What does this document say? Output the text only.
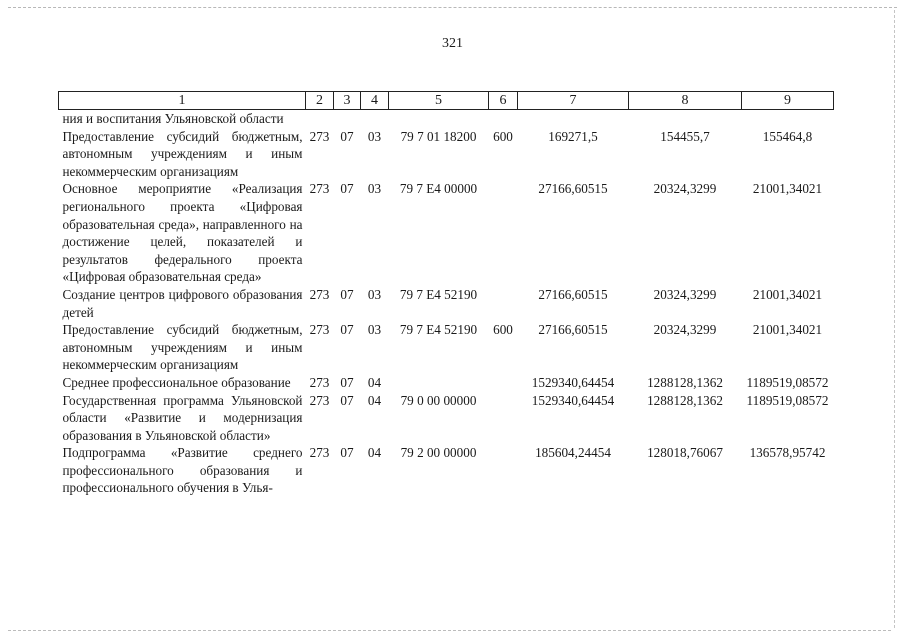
321
1	2	3	4	5	6	7	8	9
ния и воспитания Ульяновской области								
Предоставление субсидий бюджетным, автономным учреждениям и иным некоммерческим организациям	273	07	03	79 7 01 18200	600	169271,5	154455,7	155464,8
Основное мероприятие «Реализация регионального проекта «Цифровая образовательная среда», направленного на достижение целей, показателей и результатов федерального проекта «Цифровая образовательная среда»	273	07	03	79 7 E4 00000		27166,60515	20324,3299	21001,34021
Создание центров цифрового образования детей	273	07	03	79 7 E4 52190		27166,60515	20324,3299	21001,34021
Предоставление субсидий бюджетным, автономным учреждениям и иным некоммерческим организациям	273	07	03	79 7 E4 52190	600	27166,60515	20324,3299	21001,34021
Среднее профессиональное образование	273	07	04			1529340,64454	1288128,1362	1189519,08572
Государственная программа Ульяновской области «Развитие и модернизация образования в Ульяновской области»	273	07	04	79 0 00 00000		1529340,64454	1288128,1362	1189519,08572
Подпрограмма «Развитие среднего профессионального образования и профессионального обучения в Улья-	273	07	04	79 2 00 00000		185604,24454	128018,76067	136578,95742
